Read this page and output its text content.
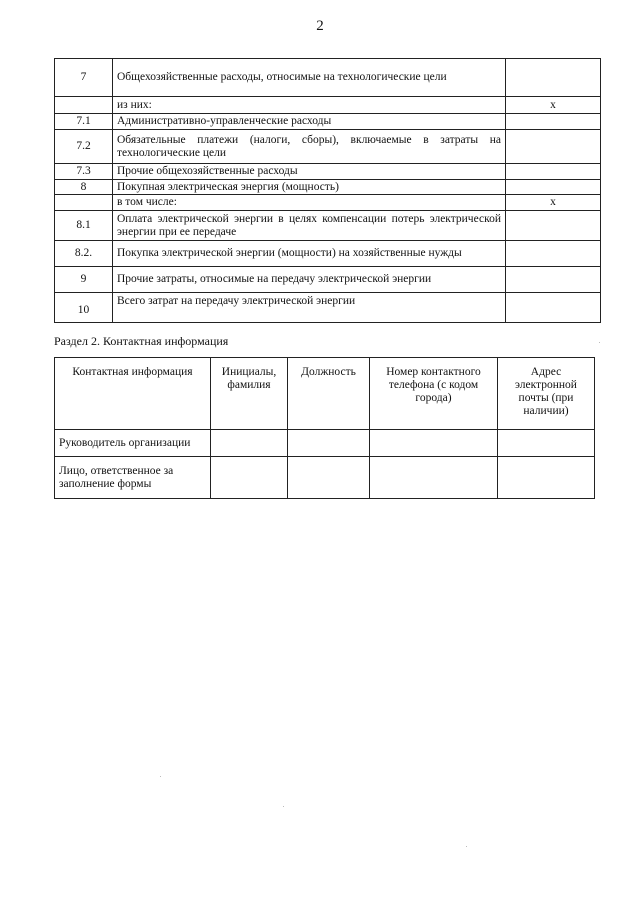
2
7	Общехозяйственные расходы, относимые на технологические цели	
	из них:	x
7.1	Административно-управленческие расходы	
7.2	Обязательные платежи (налоги, сборы), включаемые в затраты на технологические цели	
7.3	Прочие общехозяйственные расходы	
8	Покупная электрическая энергия (мощность)	
	в том числе:	x
8.1	Оплата электрической энергии в целях компенсации потерь электрической энергии при ее передаче	
8.2.	Покупка электрической энергии (мощности) на хозяйственные нужды	
9	Прочие затраты, относимые на передачу электрической энергии	
10	Всего затрат на передачу электрической энергии	
Раздел 2. Контактная информация
Контактная информация	Инициалы, фамилия	Должность	Номер контактного телефона (с кодом города)	Адрес электронной почты (при наличии)
Руководитель организации				
Лицо, ответственное за заполнение формы				
